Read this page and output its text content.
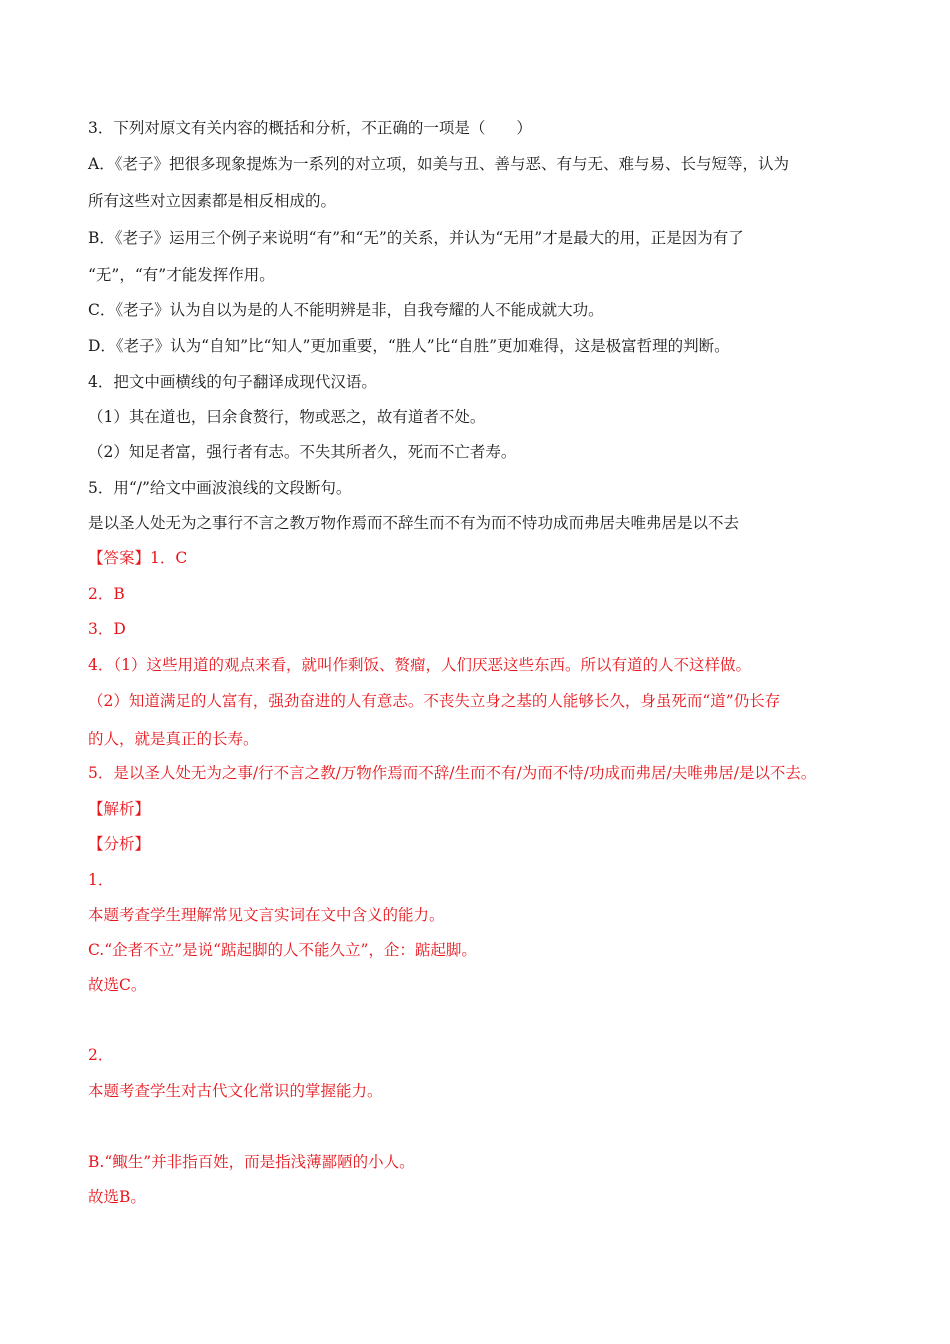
3．下列对原文有关内容的概括和分析，不正确的一项是（　　）
A．《老子》把很多现象提炼为一系列的对立项，如美与丑、善与恶、有与无、难与易、长与短等，认为
所有这些对立因素都是相反相成的。
B．《老子》运用三个例子来说明“有”和“无”的关系，并认为“无用”才是最大的用，正是因为有了
“无”，“有”才能发挥作用。
C．《老子》认为自以为是的人不能明辨是非，自我夸耀的人不能成就大功。
D．《老子》认为“自知”比“知人”更加重要，“胜人”比“自胜”更加难得，这是极富哲理的判断。
4．把文中画横线的句子翻译成现代汉语。
（1）其在道也，曰余食赘行，物或恶之，故有道者不处。
（2）知足者富，强行者有志。不失其所者久，死而不亡者寿。
5．用“/”给文中画波浪线的文段断句。
是以圣人处无为之事行不言之教万物作焉而不辞生而不有为而不恃功成而弗居夫唯弗居是以不去
【答案】1．C
2．B
3．D
4．（1）这些用道的观点来看，就叫作剩饭、赘瘤，人们厌恶这些东西。所以有道的人不这样做。
（2）知道满足的人富有，强劲奋进的人有意志。不丧失立身之基的人能够长久，身虽死而“道”仍长存
的人，就是真正的长寿。
5．是以圣人处无为之事/行不言之教/万物作焉而不辞/生而不有/为而不恃/功成而弗居/夫唯弗居/是以不去。
【解析】
【分析】
1．
本题考查学生理解常见文言实词在文中含义的能力。
C.“企者不立”是说“踮起脚的人不能久立”，企：踮起脚。
故选C。
2．
本题考查学生对古代文化常识的掌握能力。
B.“鲰生”并非指百姓，而是指浅薄鄙陋的小人。
故选B。
